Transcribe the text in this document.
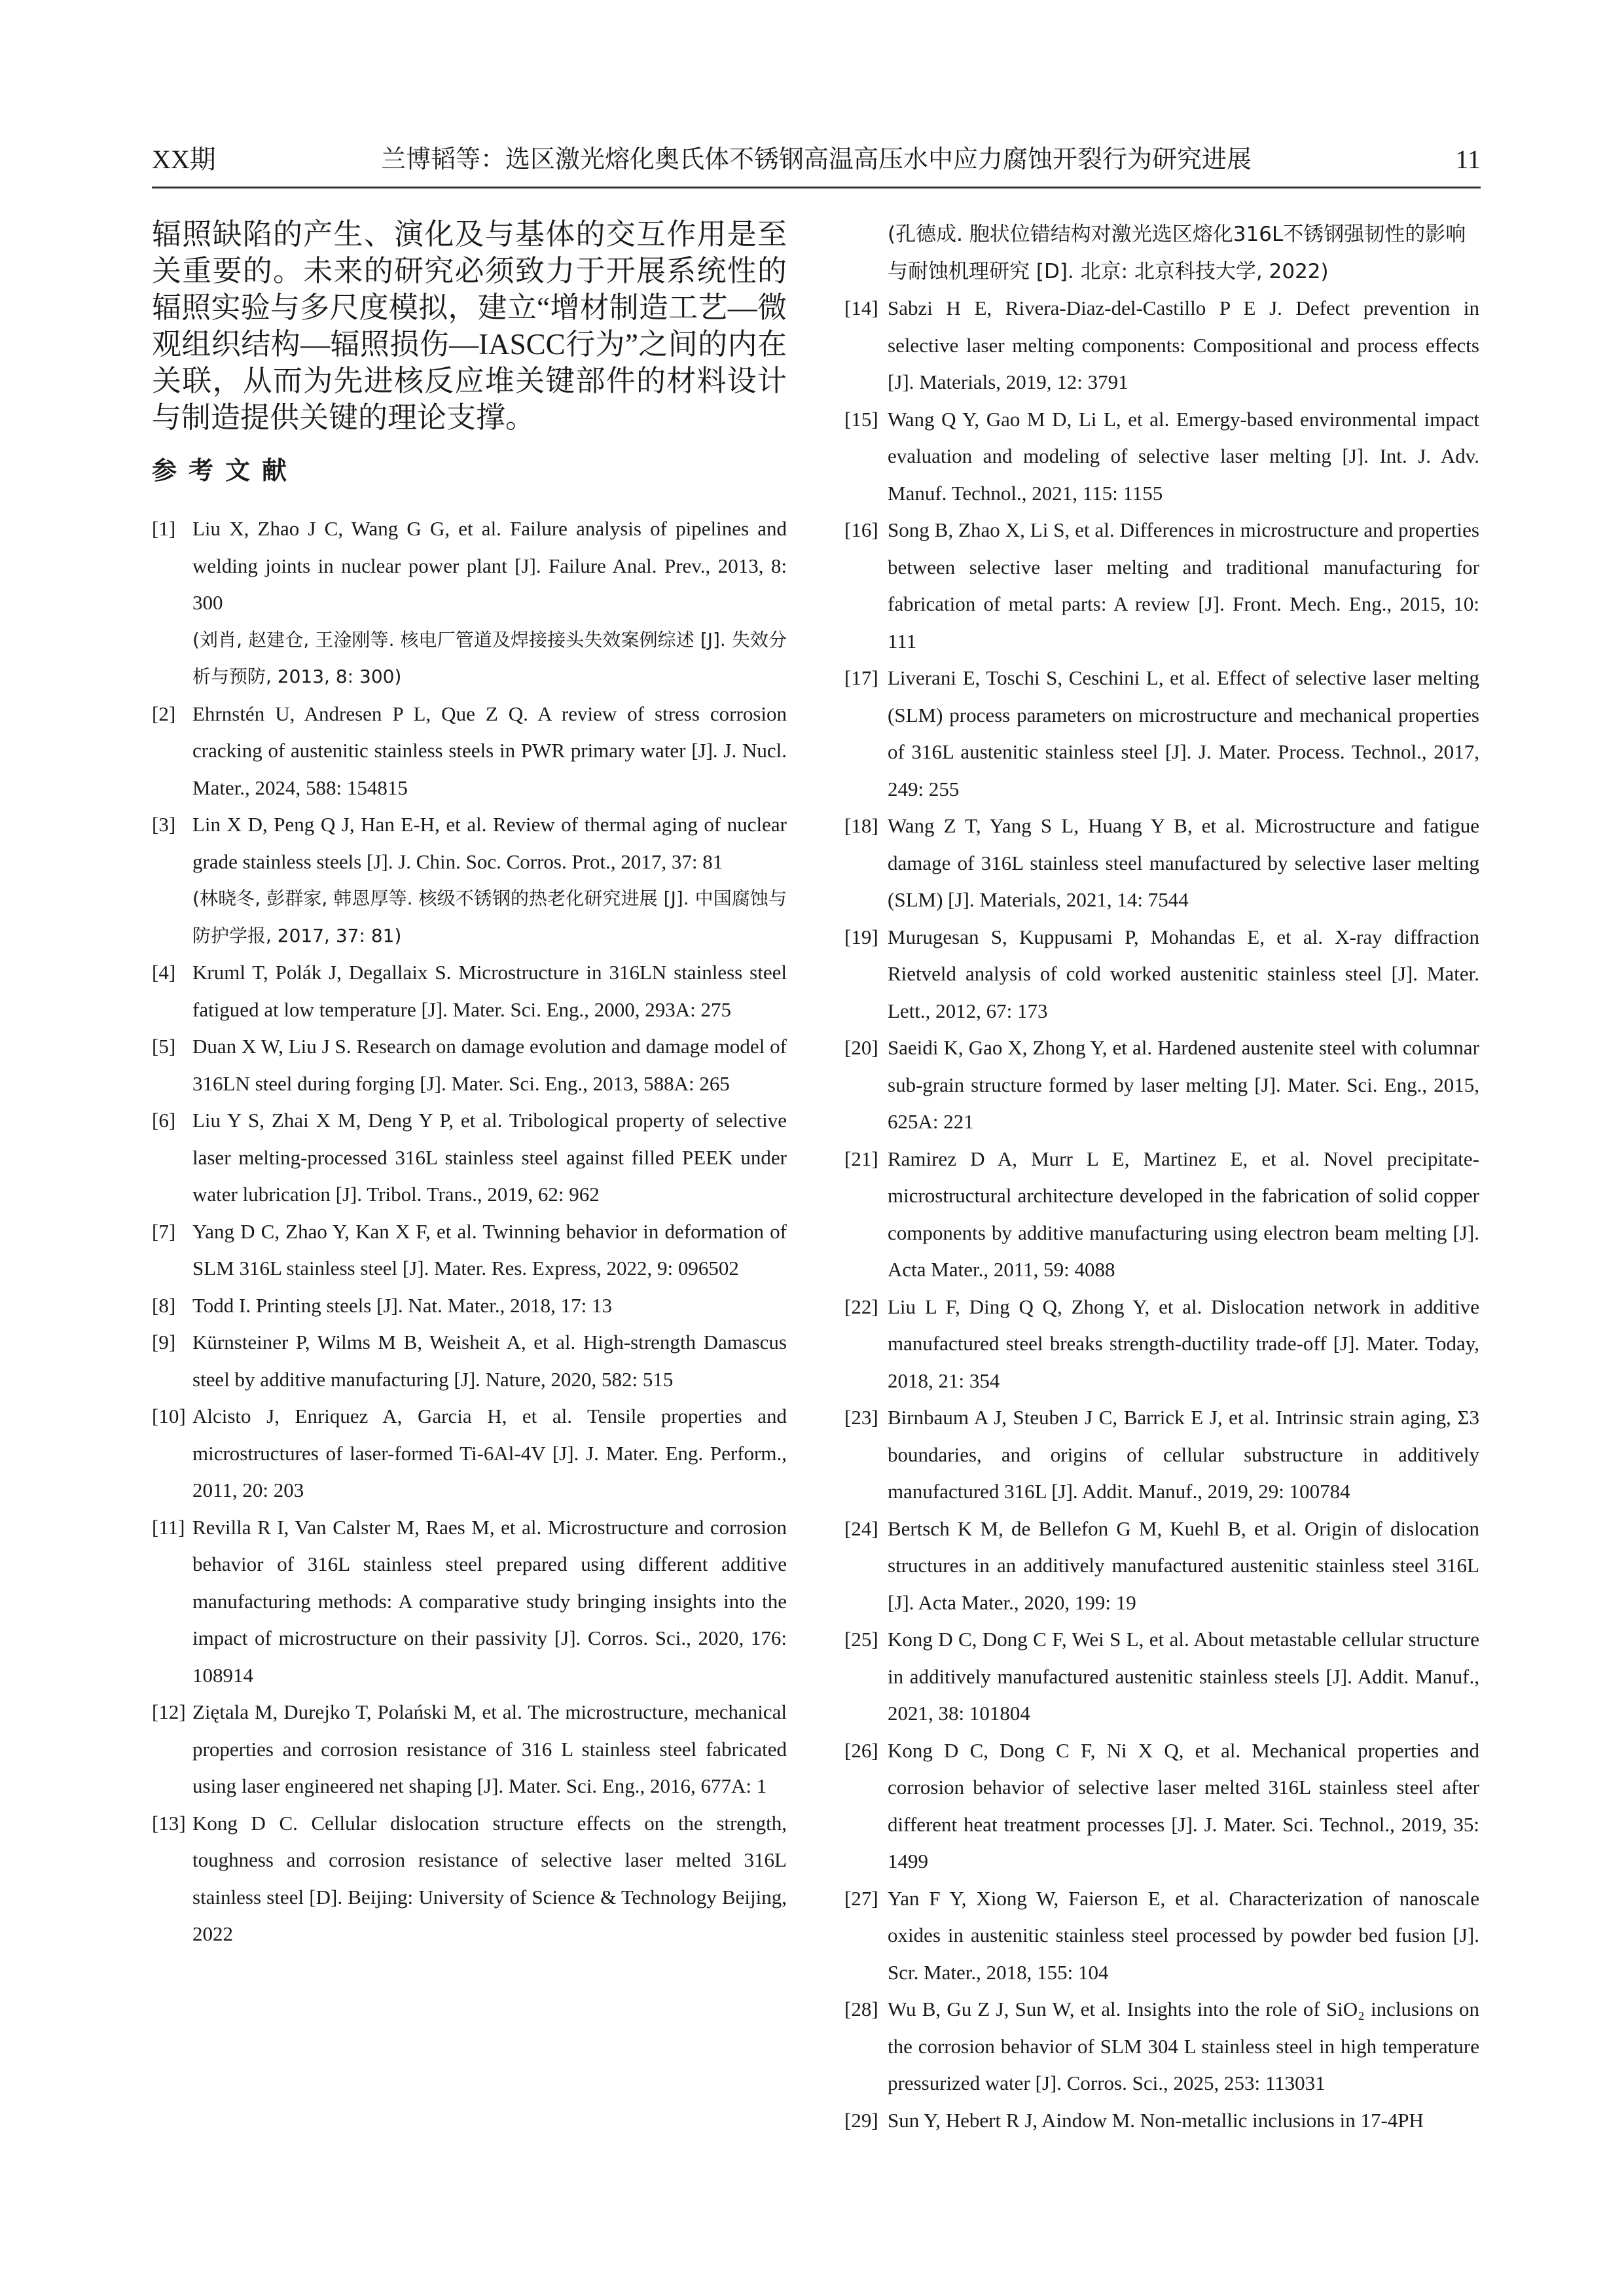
XX期	兰博韬等：选区激光熔化奥氏体不锈钢高温高压水中应力腐蚀开裂行为研究进展	11

辐照缺陷的产生、演化及与基体的交互作用是至关重要的。未来的研究必须致力于开展系统性的辐照实验与多尺度模拟，建立“增材制造工艺—微观组织结构—辐照损伤—IASCC行为”之间的内在关联，从而为先进核反应堆关键部件的材料设计与制造提供关键的理论支撑。

参考文献
[1] Liu X, Zhao J C, Wang G G, et al. Failure analysis of pipelines and welding joints in nuclear power plant [J]. Failure Anal. Prev., 2013, 8: 300
(刘肖, 赵建仓, 王淦刚等. 核电厂管道及焊接接头失效案例综述 [J]. 失效分析与预防, 2013, 8: 300)
[2] Ehrnstén U, Andresen P L, Que Z Q. A review of stress corrosion cracking of austenitic stainless steels in PWR primary water [J]. J. Nucl. Mater., 2024, 588: 154815
[3] Lin X D, Peng Q J, Han E-H, et al. Review of thermal aging of nuclear grade stainless steels [J]. J. Chin. Soc. Corros. Prot., 2017, 37: 81
(林晓冬, 彭群家, 韩恩厚等. 核级不锈钢的热老化研究进展 [J]. 中国腐蚀与防护学报, 2017, 37: 81)
[4] Kruml T, Polák J, Degallaix S. Microstructure in 316LN stainless steel fatigued at low temperature [J]. Mater. Sci. Eng., 2000, 293A: 275
[5] Duan X W, Liu J S. Research on damage evolution and damage model of 316LN steel during forging [J]. Mater. Sci. Eng., 2013, 588A: 265
[6] Liu Y S, Zhai X M, Deng Y P, et al. Tribological property of selective laser melting-processed 316L stainless steel against filled PEEK under water lubrication [J]. Tribol. Trans., 2019, 62: 962
[7] Yang D C, Zhao Y, Kan X F, et al. Twinning behavior in deformation of SLM 316L stainless steel [J]. Mater. Res. Express, 2022, 9: 096502
[8] Todd I. Printing steels [J]. Nat. Mater., 2018, 17: 13
[9] Kürnsteiner P, Wilms M B, Weisheit A, et al. High-strength Damascus steel by additive manufacturing [J]. Nature, 2020, 582: 515
[10] Alcisto J, Enriquez A, Garcia H, et al. Tensile properties and microstructures of laser-formed Ti-6Al-4V [J]. J. Mater. Eng. Perform., 2011, 20: 203
[11] Revilla R I, Van Calster M, Raes M, et al. Microstructure and corrosion behavior of 316L stainless steel prepared using different additive manufacturing methods: A comparative study bringing insights into the impact of microstructure on their passivity [J]. Corros. Sci., 2020, 176: 108914
[12] Ziętala M, Durejko T, Polański M, et al. The microstructure, mechanical properties and corrosion resistance of 316 L stainless steel fabricated using laser engineered net shaping [J]. Mater. Sci. Eng., 2016, 677A: 1
[13] Kong D C. Cellular dislocation structure effects on the strength, toughness and corrosion resistance of selective laser melted 316L stainless steel [D]. Beijing: University of Science & Technology Beijing, 2022
(孔德成. 胞状位错结构对激光选区熔化316L不锈钢强韧性的影响与耐蚀机理研究 [D]. 北京: 北京科技大学, 2022)
[14] Sabzi H E, Rivera-Diaz-del-Castillo P E J. Defect prevention in selective laser melting components: Compositional and process effects [J]. Materials, 2019, 12: 3791
[15] Wang Q Y, Gao M D, Li L, et al. Emergy-based environmental impact evaluation and modeling of selective laser melting [J]. Int. J. Adv. Manuf. Technol., 2021, 115: 1155
[16] Song B, Zhao X, Li S, et al. Differences in microstructure and properties between selective laser melting and traditional manufacturing for fabrication of metal parts: A review [J]. Front. Mech. Eng., 2015, 10: 111
[17] Liverani E, Toschi S, Ceschini L, et al. Effect of selective laser melting (SLM) process parameters on microstructure and mechanical properties of 316L austenitic stainless steel [J]. J. Mater. Process. Technol., 2017, 249: 255
[18] Wang Z T, Yang S L, Huang Y B, et al. Microstructure and fatigue damage of 316L stainless steel manufactured by selective laser melting (SLM) [J]. Materials, 2021, 14: 7544
[19] Murugesan S, Kuppusami P, Mohandas E, et al. X-ray diffraction Rietveld analysis of cold worked austenitic stainless steel [J]. Mater. Lett., 2012, 67: 173
[20] Saeidi K, Gao X, Zhong Y, et al. Hardened austenite steel with columnar sub-grain structure formed by laser melting [J]. Mater. Sci. Eng., 2015, 625A: 221
[21] Ramirez D A, Murr L E, Martinez E, et al. Novel precipitate-microstructural architecture developed in the fabrication of solid copper components by additive manufacturing using electron beam melting [J]. Acta Mater., 2011, 59: 4088
[22] Liu L F, Ding Q Q, Zhong Y, et al. Dislocation network in additive manufactured steel breaks strength-ductility trade-off [J]. Mater. Today, 2018, 21: 354
[23] Birnbaum A J, Steuben J C, Barrick E J, et al. Intrinsic strain aging, Σ3 boundaries, and origins of cellular substructure in additively manufactured 316L [J]. Addit. Manuf., 2019, 29: 100784
[24] Bertsch K M, de Bellefon G M, Kuehl B, et al. Origin of dislocation structures in an additively manufactured austenitic stainless steel 316L [J]. Acta Mater., 2020, 199: 19
[25] Kong D C, Dong C F, Wei S L, et al. About metastable cellular structure in additively manufactured austenitic stainless steels [J]. Addit. Manuf., 2021, 38: 101804
[26] Kong D C, Dong C F, Ni X Q, et al. Mechanical properties and corrosion behavior of selective laser melted 316L stainless steel after different heat treatment processes [J]. J. Mater. Sci. Technol., 2019, 35: 1499
[27] Yan F Y, Xiong W, Faierson E, et al. Characterization of nanoscale oxides in austenitic stainless steel processed by powder bed fusion [J]. Scr. Mater., 2018, 155: 104
[28] Wu B, Gu Z J, Sun W, et al. Insights into the role of SiO₂ inclusions on the corrosion behavior of SLM 304 L stainless steel in high temperature pressurized water [J]. Corros. Sci., 2025, 253: 113031
[29] Sun Y, Hebert R J, Aindow M. Non-metallic inclusions in 17-4PH
